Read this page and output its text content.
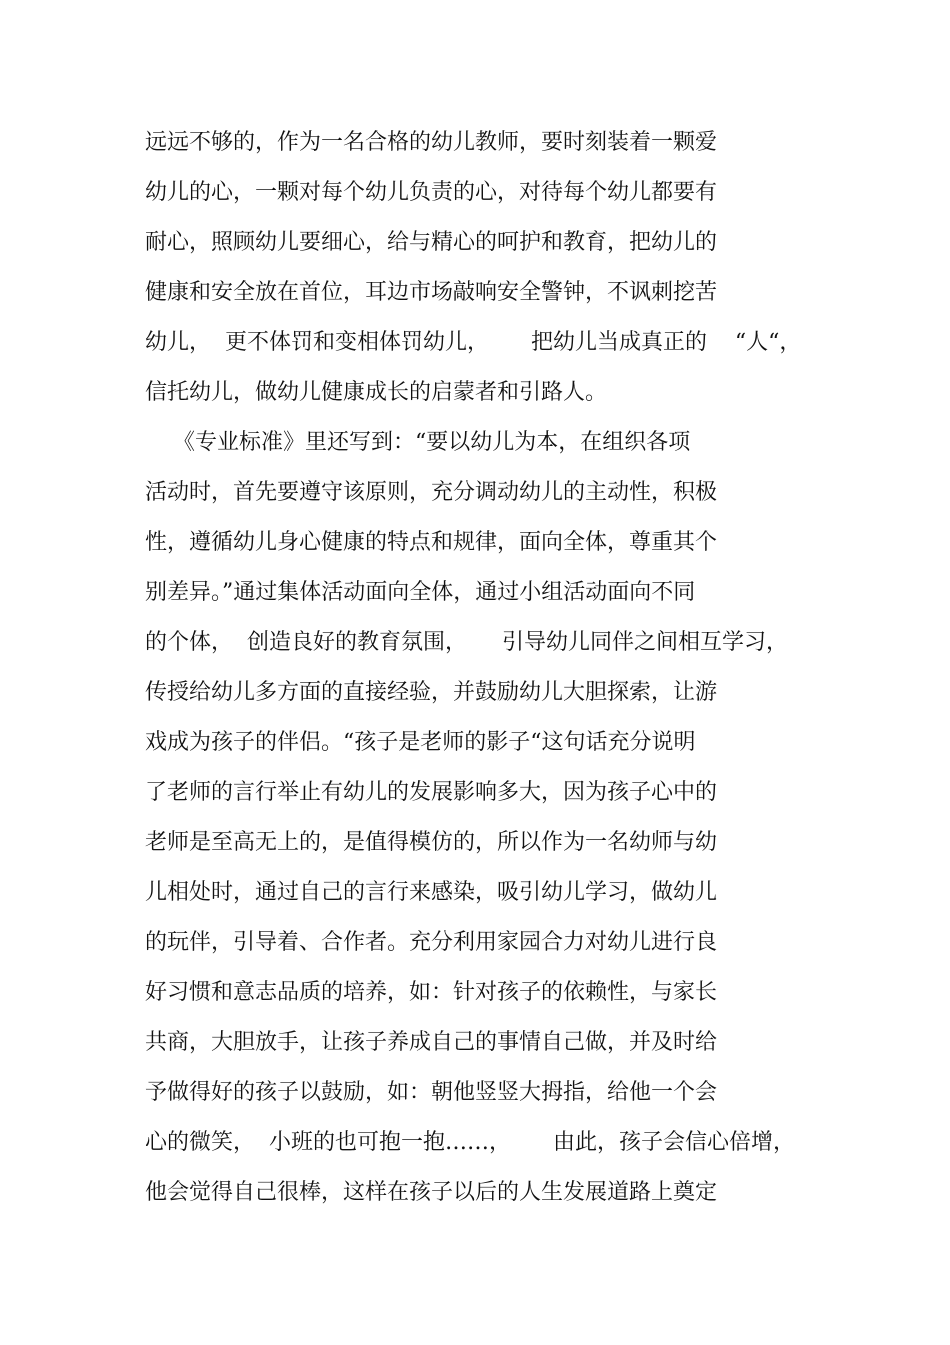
远远不够的，作为一名合格的幼儿教师，要时刻装着一颗爱
幼儿的心，一颗对每个幼儿负责的心，对待每个幼儿都要有
耐心，照顾幼儿要细心，给与精心的呵护和教育，把幼儿的
健康和安全放在首位，耳边市场敲响安全警钟，不讽刺挖苦
幼儿，  更不体罚和变相体罚幼儿，      把幼儿当成真正的    “人“，
信托幼儿，做幼儿健康成长的启蒙者和引路人。
《专业标准》里还写到：“要以幼儿为本，在组织各项
活动时，首先要遵守该原则，充分调动幼儿的主动性，积极
性，遵循幼儿身心健康的特点和规律，面向全体，尊重其个
别差异。”通过集体活动面向全体，通过小组活动面向不同
的个体，  创造良好的教育氛围，     引导幼儿同伴之间相互学习，
传授给幼儿多方面的直接经验，并鼓励幼儿大胆探索，让游
戏成为孩子的伴侣。“孩子是老师的影子“这句话充分说明
了老师的言行举止有幼儿的发展影响多大，因为孩子心中的
老师是至高无上的，是值得模仿的，所以作为一名幼师与幼
儿相处时，通过自己的言行来感染，吸引幼儿学习，做幼儿
的玩伴，引导着、合作者。充分利用家园合力对幼儿进行良
好习惯和意志品质的培养，如：针对孩子的依赖性，与家长
共商，大胆放手，让孩子养成自己的事情自己做，并及时给
予做得好的孩子以鼓励，如：朝他竖竖大拇指，给他一个会
心的微笑，  小班的也可抱一抱……，      由此，孩子会信心倍增，
他会觉得自己很棒，这样在孩子以后的人生发展道路上奠定
